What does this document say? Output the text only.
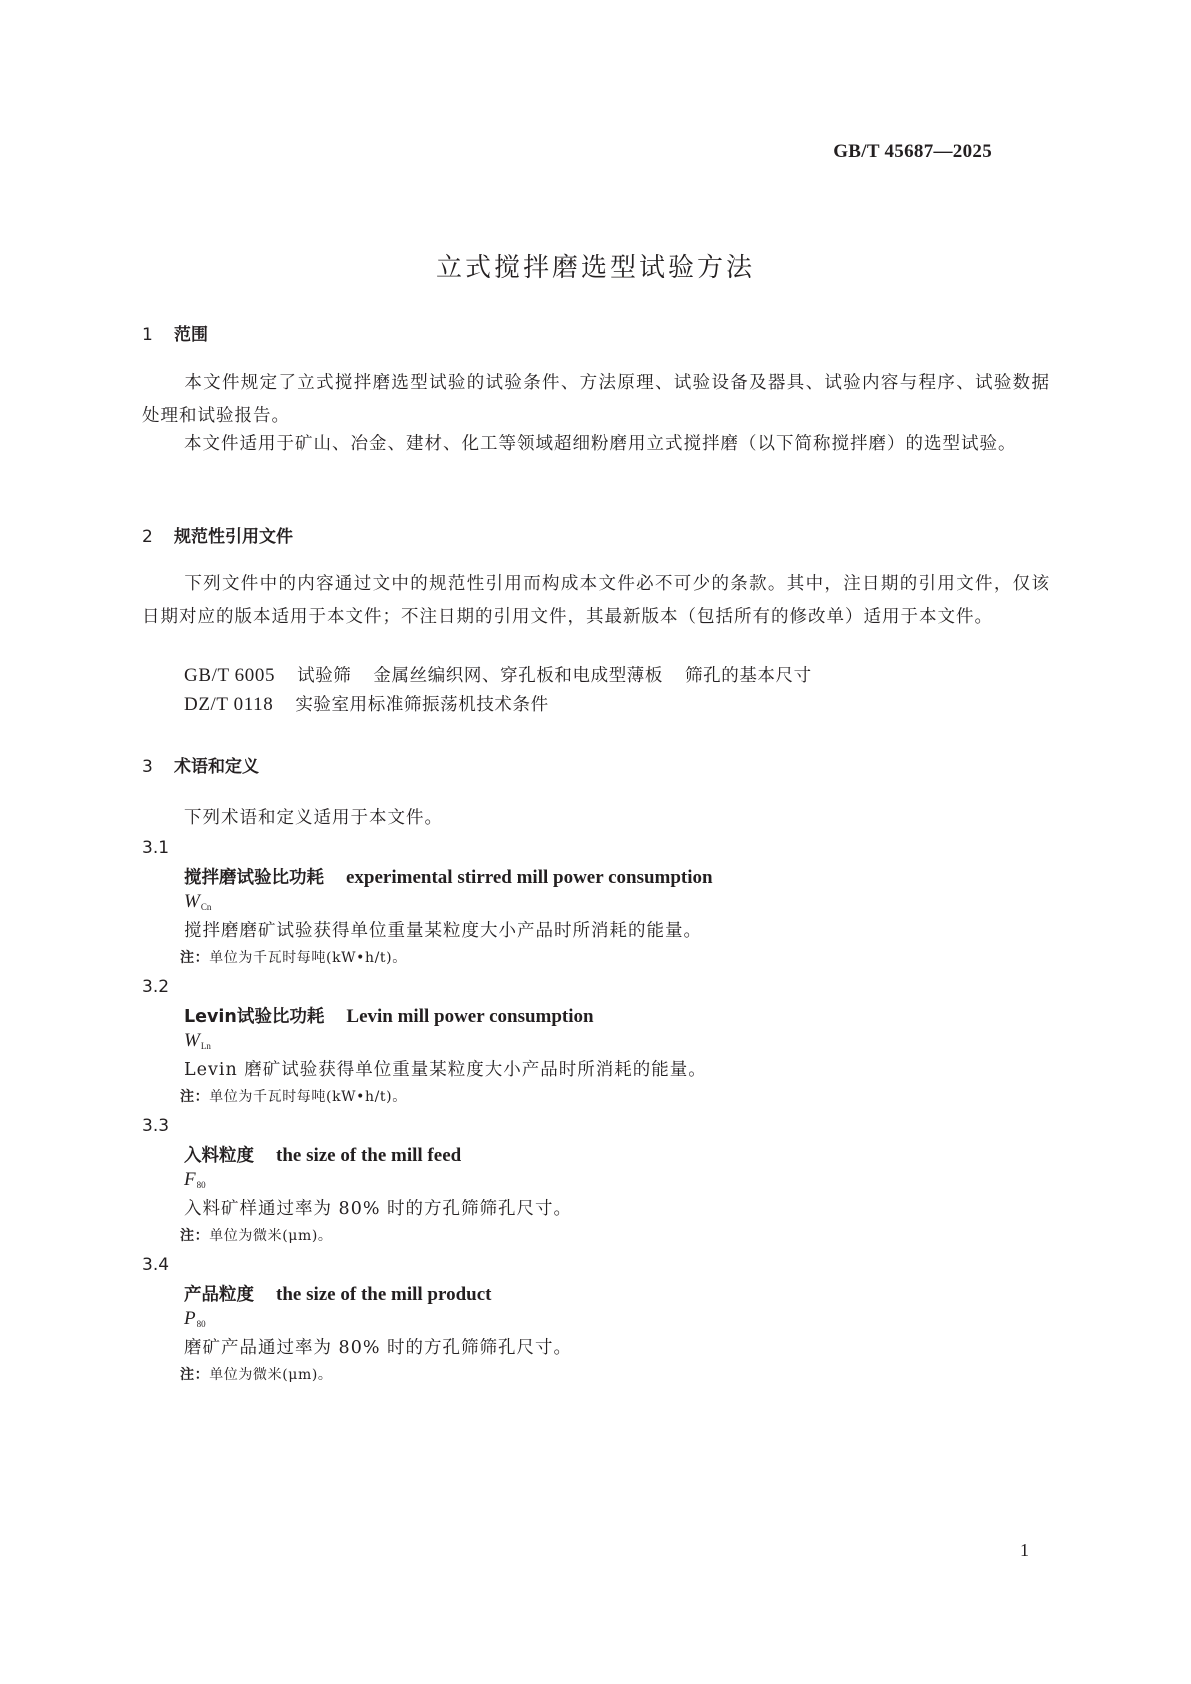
GB/T 45687—2025
立式搅拌磨选型试验方法
1 范围
本文件规定了立式搅拌磨选型试验的试验条件、方法原理、试验设备及器具、试验内容与程序、试验数据处理和试验报告。
本文件适用于矿山、冶金、建材、化工等领域超细粉磨用立式搅拌磨（以下简称搅拌磨）的选型试验。
2 规范性引用文件
下列文件中的内容通过文中的规范性引用而构成本文件必不可少的条款。其中，注日期的引用文件，仅该日期对应的版本适用于本文件；不注日期的引用文件，其最新版本（包括所有的修改单）适用于本文件。
GB/T 6005 试验筛 金属丝编织网、穿孔板和电成型薄板 筛孔的基本尺寸
DZ/T 0118 实验室用标准筛振荡机技术条件
3 术语和定义
下列术语和定义适用于本文件。
3.1
搅拌磨试验比功耗 experimental stirred mill power consumption
$W_{Cn}$
搅拌磨磨矿试验获得单位重量某粒度大小产品时所消耗的能量。
注：单位为千瓦时每吨(kW•h/t)。
3.2
Levin试验比功耗 Levin mill power consumption
$W_{Ln}$
Levin 磨矿试验获得单位重量某粒度大小产品时所消耗的能量。
注：单位为千瓦时每吨(kW•h/t)。
3.3
入料粒度 the size of the mill feed
$F_{80}$
入料矿样通过率为 80% 时的方孔筛筛孔尺寸。
注：单位为微米(μm)。
3.4
产品粒度 the size of the mill product
$P_{80}$
磨矿产品通过率为 80% 时的方孔筛筛孔尺寸。
注：单位为微米(μm)。
1
